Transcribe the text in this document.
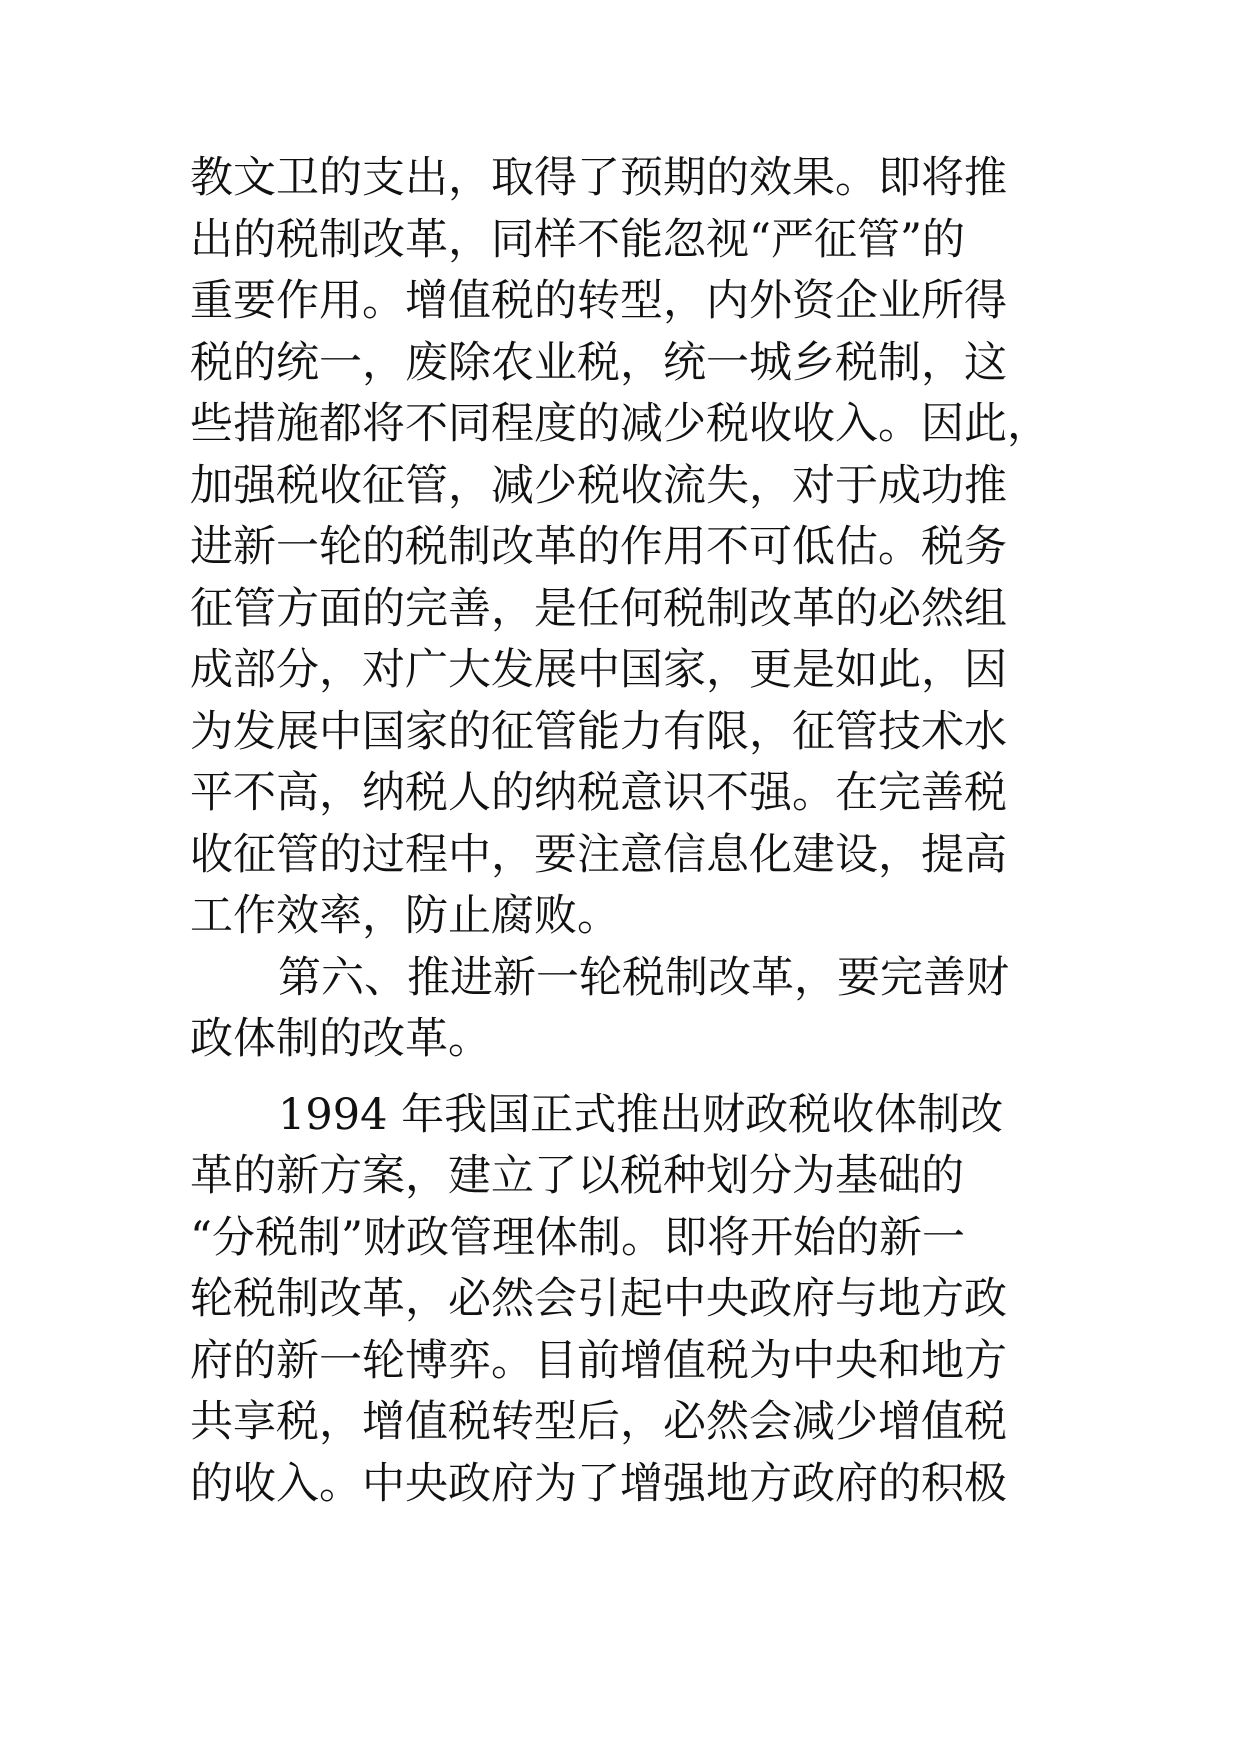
教文卫的支出，取得了预期的效果。即将推
出的税制改革，同样不能忽视“严征管”的
重要作用。增值税的转型，内外资企业所得
税的统一，废除农业税，统一城乡税制，这
些措施都将不同程度的减少税收收入。因此，
加强税收征管，减少税收流失，对于成功推
进新一轮的税制改革的作用不可低估。税务
征管方面的完善，是任何税制改革的必然组
成部分，对广大发展中国家，更是如此，因
为发展中国家的征管能力有限，征管技术水
平不高，纳税人的纳税意识不强。在完善税
收征管的过程中，要注意信息化建设，提高
工作效率，防止腐败。
第六、推进新一轮税制改革，要完善财
政体制的改革。
1994 年我国正式推出财政税收体制改
革的新方案，建立了以税种划分为基础的
“分税制”财政管理体制。即将开始的新一
轮税制改革，必然会引起中央政府与地方政
府的新一轮博弈。目前增值税为中央和地方
共享税，增值税转型后，必然会减少增值税
的收入。中央政府为了增强地方政府的积极
